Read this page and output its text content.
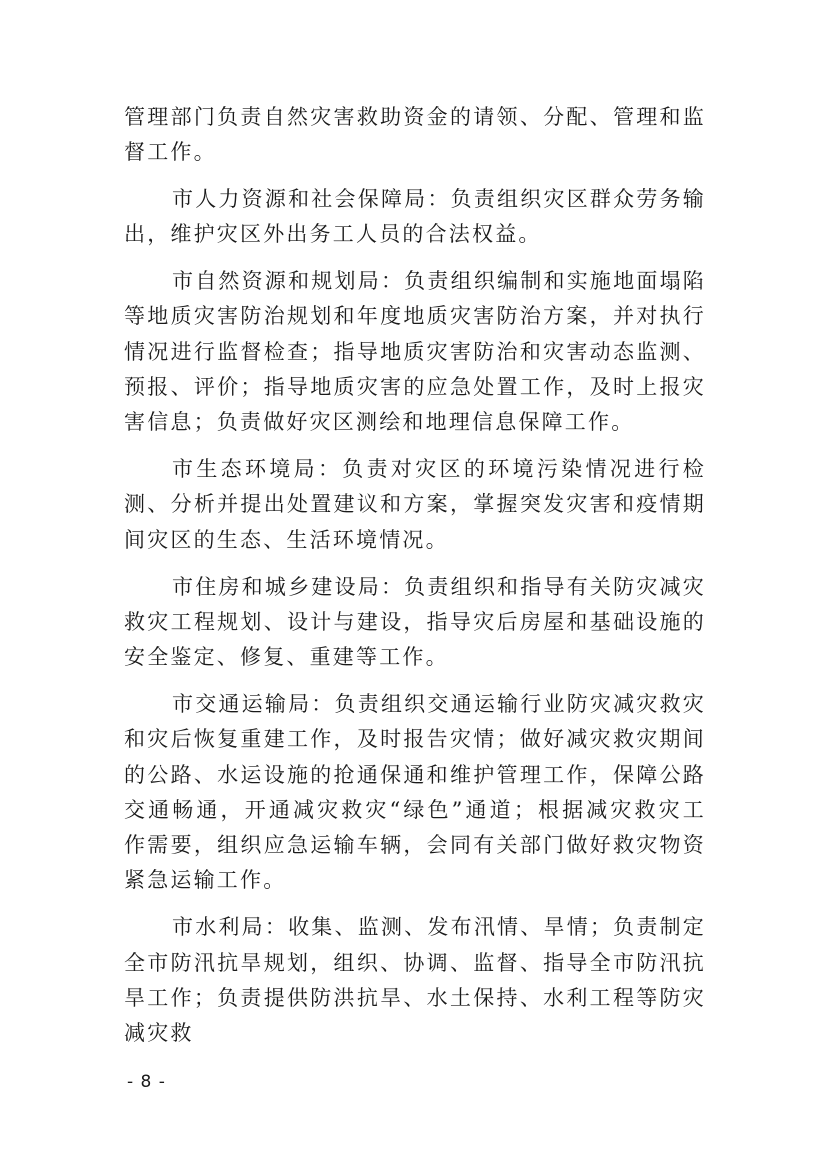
管理部门负责自然灾害救助资金的请领、分配、管理和监督工作。

市人力资源和社会保障局：负责组织灾区群众劳务输出，维护灾区外出务工人员的合法权益。

市自然资源和规划局：负责组织编制和实施地面塌陷等地质灾害防治规划和年度地质灾害防治方案，并对执行情况进行监督检查；指导地质灾害防治和灾害动态监测、预报、评价；指导地质灾害的应急处置工作，及时上报灾害信息；负责做好灾区测绘和地理信息保障工作。

市生态环境局：负责对灾区的环境污染情况进行检测、分析并提出处置建议和方案，掌握突发灾害和疫情期间灾区的生态、生活环境情况。

市住房和城乡建设局：负责组织和指导有关防灾减灾救灾工程规划、设计与建设，指导灾后房屋和基础设施的安全鉴定、修复、重建等工作。

市交通运输局：负责组织交通运输行业防灾减灾救灾和灾后恢复重建工作，及时报告灾情；做好减灾救灾期间的公路、水运设施的抢通保通和维护管理工作，保障公路交通畅通，开通减灾救灾“绿色”通道；根据减灾救灾工作需要，组织应急运输车辆，会同有关部门做好救灾物资紧急运输工作。

市水利局：收集、监测、发布汛情、旱情；负责制定全市防汛抗旱规划，组织、协调、监督、指导全市防汛抗旱工作；负责提供防洪抗旱、水土保持、水利工程等防灾减灾救

- 8 -
